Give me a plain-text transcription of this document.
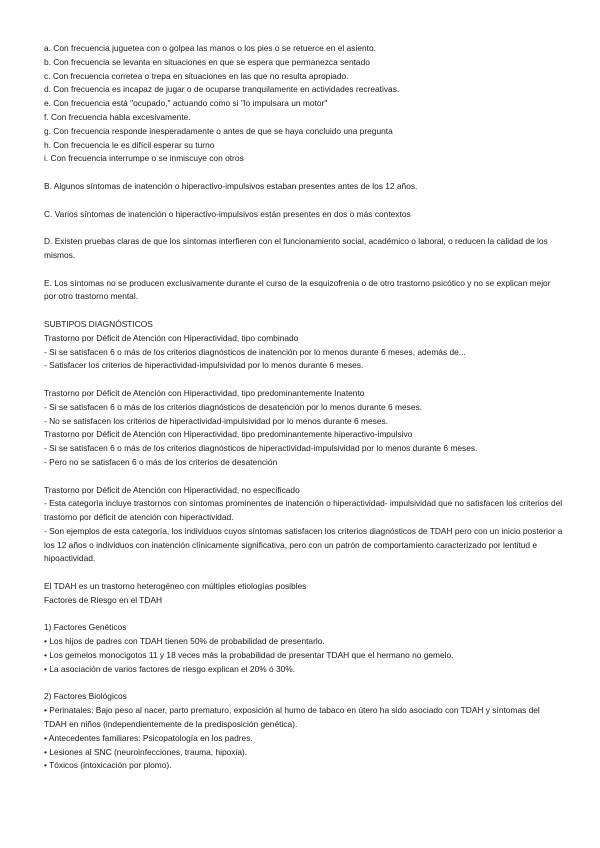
a. Con frecuencia juguetea con o golpea las manos o los pies o se retuerce en el asiento.
b. Con frecuencia se levanta en situaciones en que se espera que permanezca sentado
c. Con frecuencia corretea o trepa en situaciones en las que no resulta apropiado.
d. Con frecuencia es incapaz de jugar o de ocuparse tranquilamente en actividades recreativas.
e. Con frecuencia está "ocupado," actuando como si "lo impulsara un motor"
f. Con frecuencia habla excesivamente.
g. Con frecuencia responde inesperadamente o antes de que se haya concluido una pregunta
h. Con frecuencia le es difícil esperar su turno
i. Con frecuencia interrumpe o se inmiscuye con otros

B. Algunos síntomas de inatención o hiperactivo-impulsivos estaban presentes antes de los 12 años.

C. Varios síntomas de inatención o hiperactivo-impulsivos están presentes en dos o más contextos

D. Existen pruebas claras de que los síntomas interfieren con el funcionamiento social, académico o laboral, o reducen la calidad de los mismos.

E. Los síntomas no se producen exclusivamente durante el curso de la esquizofrenia o de otro trastorno psicótico y no se explican mejor por otro trastorno mental.

SUBTIPOS DIAGNÓSTICOS
Trastorno por Déficit de Atención con Hiperactividad, tipo combinado
- Si se satisfacen 6 o más de los criterios diagnósticos de inatención por lo menos durante 6 meses, además de...
- Satisfacer los criterios de hiperactividad-impulsividad por lo menos durante 6 meses.
Trastorno por Déficit de Atención con Hiperactividad, tipo predominantemente Inatento
- Si se satisfacen 6 o más de los criterios diagnósticos de desatención por lo menos durante 6 meses.
- No se satisfacen los criterios de hiperactividad-impulsividad por lo menos durante 6 meses.
Trastorno por Déficit de Atención con Hiperactividad, tipo predominantemente hiperactivo-impulsivo
- Si se satisfacen 6 o más de los criterios diagnósticos de hiperactividad-impulsividad por lo menos durante 6 meses.
- Pero no se satisfacen 6 o más de los criterios de desatención
Trastorno por Déficit de Atención con Hiperactividad, no especificado

- Esta categoría incluye trastornos con síntomas prominentes de inatención o hiperactividad- impulsividad que no satisfacen los criterios del trastorno por déficit de atención con hiperactividad.

- Son ejemplos de esta categoría, los individuos cuyos síntomas satisfacen los criterios diagnósticos de TDAH pero con un inicio posterior a los 12 años o individuos con inatención clínicamente significativa, pero con un patrón de comportamiento caracterizado por lentitud e hipoactividad.

El TDAH es un trastorno heterogéneo con múltiples etiologías posibles
Factores de Riesgo en el TDAH
1) Factores Genéticos
• Los hijos de padres con TDAH tienen 50% de probabilidad de presentarlo.
• Los gemelos monocigotos 11 y 18 veces más la probabilidad de presentar TDAH que el hermano no gemelo.
• La asociación de varios factores de riesgo explican el 20% ó 30%.
2) Factores Biológicos

• Perinatales: Bajo peso al nacer, parto prematuro, exposición al humo de tabaco en útero ha sido asociado con TDAH y síntomas del TDAH en niños (independientemente de la predisposición genética).

• Antecedentes familiares: Psicopatología en los padres.
• Lesiones al SNC (neuroinfecciones, trauma, hipoxia).
• Tóxicos (intoxicación por plomo).
